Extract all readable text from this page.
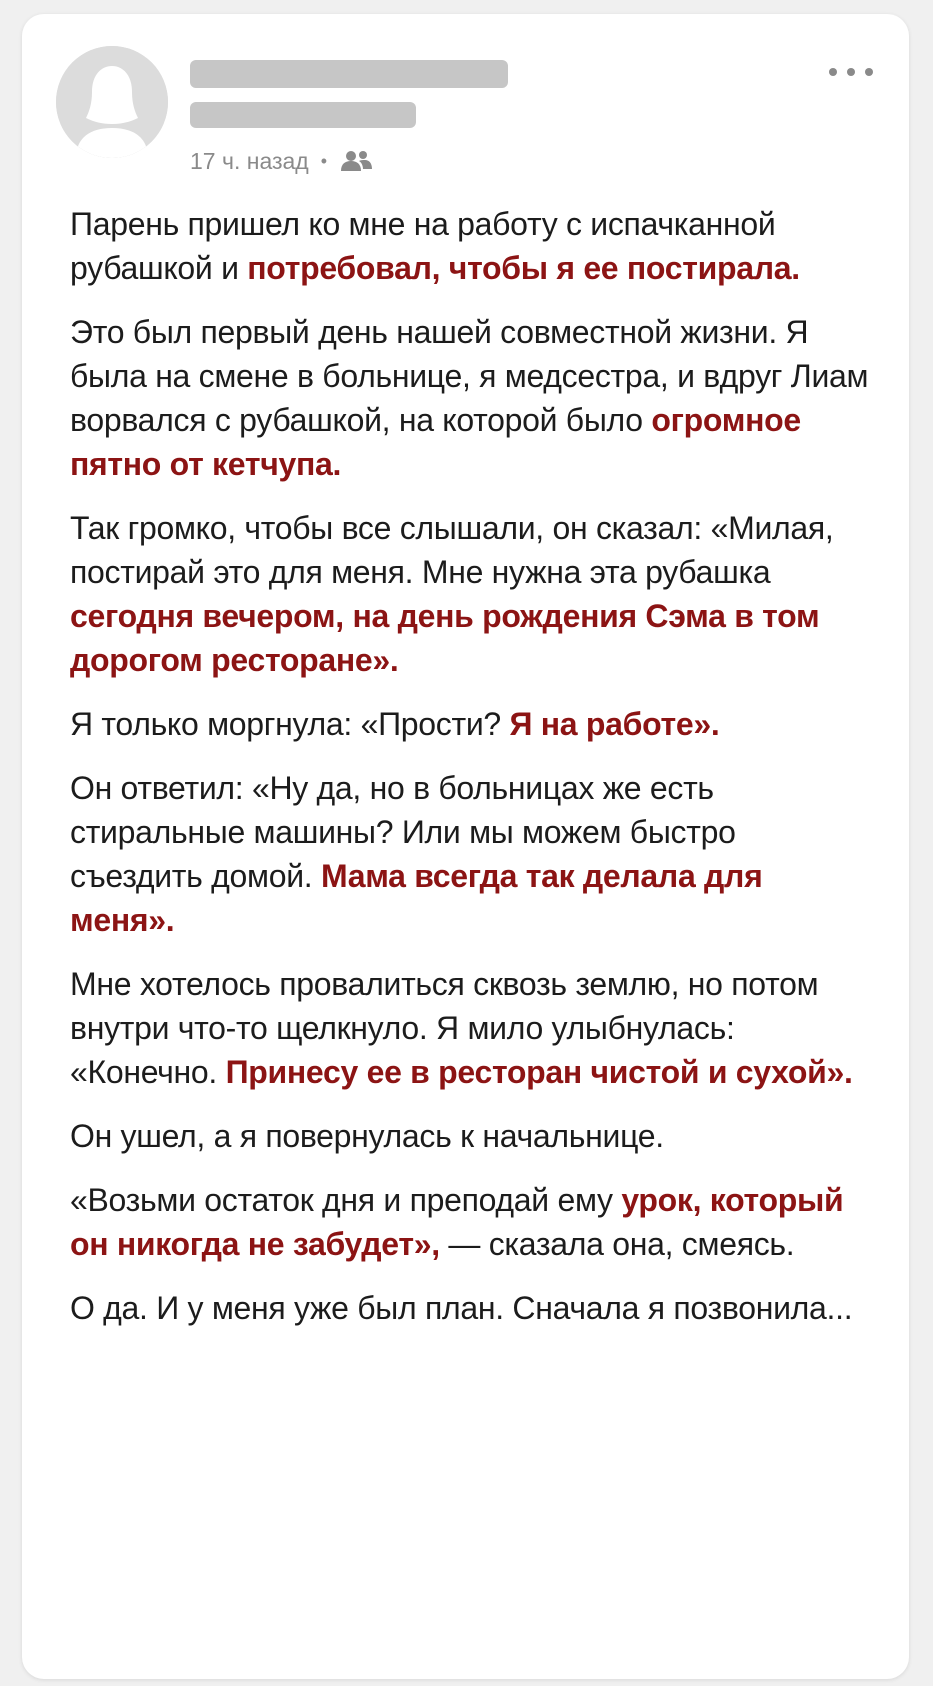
17 ч. назад •

Парень пришел ко мне на работу с испачканной рубашкой и потребовал, чтобы я ее постирала.

Это был первый день нашей совместной жизни. Я была на смене в больнице, я медсестра, и вдруг Лиам ворвался с рубашкой, на которой было огромное пятно от кетчупа.

Так громко, чтобы все слышали, он сказал: «Милая, постирай это для меня. Мне нужна эта рубашка сегодня вечером, на день рождения Сэма в том дорогом ресторане».

Я только моргнула: «Прости? Я на работе».

Он ответил: «Ну да, но в больницах же есть стиральные машины? Или мы можем быстро съездить домой. Мама всегда так делала для меня».

Мне хотелось провалиться сквозь землю, но потом внутри что-то щелкнуло. Я мило улыбнулась: «Конечно. Принесу ее в ресторан чистой и сухой».

Он ушел, а я повернулась к начальнице.

«Возьми остаток дня и преподай ему урок, который он никогда не забудет», — сказала она, смеясь.

О да. И у меня уже был план. Сначала я позвонила...
